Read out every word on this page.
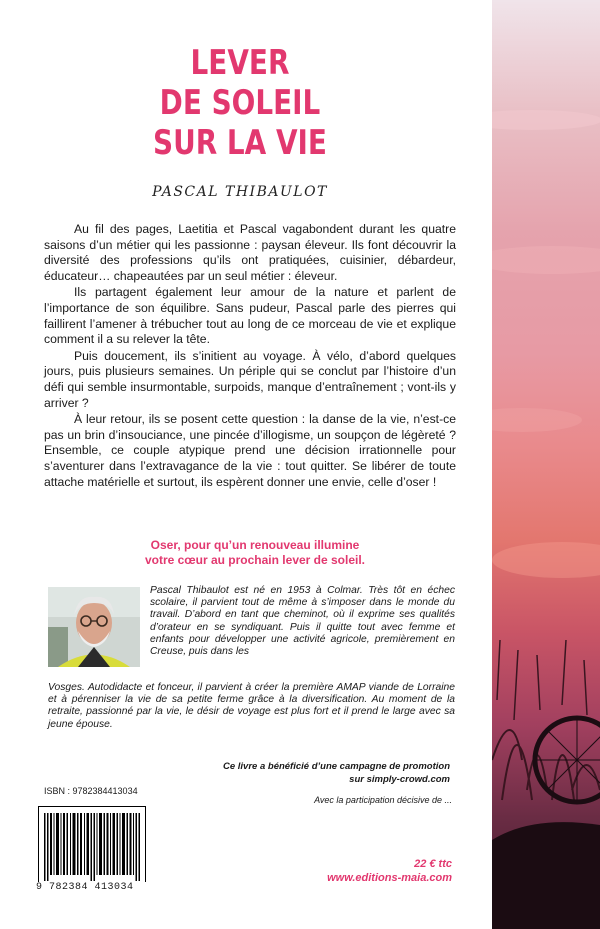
LEVER
DE SOLEIL
SUR LA VIE
PASCAL THIBAULOT

Au fil des pages, Laetitia et Pascal vagabondent durant les quatre saisons d’un métier qui les passionne : paysan éleveur. Ils font découvrir la diversité des professions qu’ils ont pratiquées, cuisinier, débardeur, éducateur… chapeautées par un seul métier : éleveur.

Ils partagent également leur amour de la nature et parlent de l’importance de son équilibre. Sans pudeur, Pascal parle des pierres qui faillirent l’amener à trébucher tout au long de ce morceau de vie et explique comment il a su relever la tête.

Puis doucement, ils s’initient au voyage. À vélo, d’abord quelques jours, puis plusieurs semaines. Un périple qui se conclut par l’histoire d’un défi qui semble insurmontable, surpoids, manque d’entraînement ; vont-ils y arriver ?

À leur retour, ils se posent cette question : la danse de la vie, n’est-ce pas un brin d’insouciance, une pincée d’illogisme, un soupçon de légèreté ? Ensemble, ce couple atypique prend une décision irrationnelle pour s’aventurer dans l’extravagance de la vie : tout quitter. Se libérer de toute attache matérielle et surtout, ils espèrent donner une envie, celle d’oser !

Oser, pour qu’un renouveau illumine
votre cœur au prochain lever de soleil.
Pascal Thibaulot est né en 1953 à Colmar. Très tôt en échec scolaire, il parvient tout de même à s’imposer dans le monde du travail. D’abord en tant que cheminot, où il exprime ses qualités d’orateur en se syndiquant. Puis il quitte tout avec femme et enfants pour développer une activité agricole, premièrement en Creuse, puis dans les
Vosges. Autodidacte et fonceur, il parvient à créer la première AMAP viande de Lorraine et à pérenniser la vie de sa petite ferme grâce à la diversification. Au moment de la retraite, passionné par la vie, le désir de voyage est plus fort et il prend le large avec sa jeune épouse.
Ce livre a bénéficié d’une campagne de promotion
sur simply-crowd.com
ISBN : 9782384413034
Avec la participation décisive de ...
9 782384 413034
22 € ttc
www.editions-maia.com
